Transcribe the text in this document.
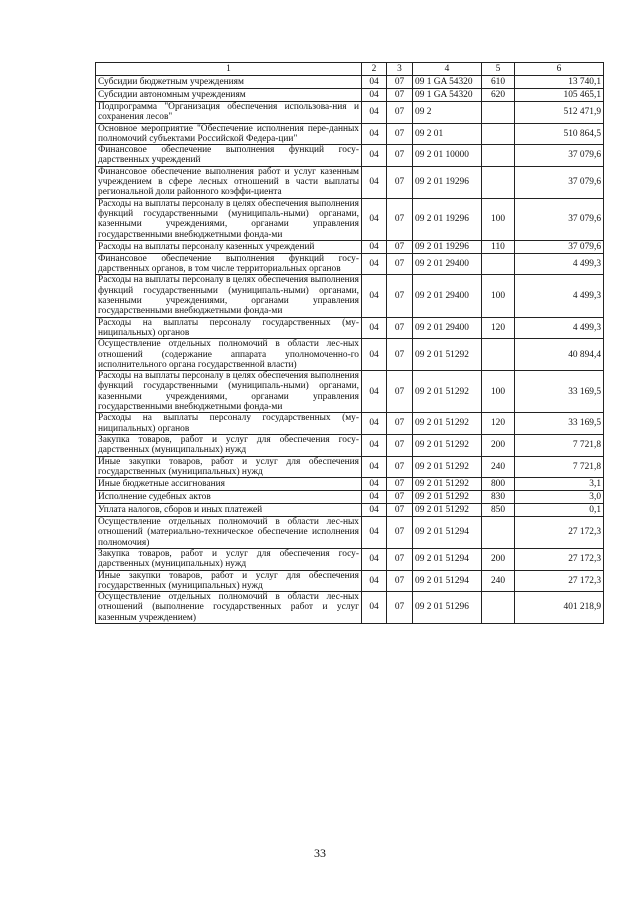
1	2	3	4	5	6
Субсидии бюджетным учреждениям	04	07	09 1 GA 54320	610	13 740,1
Субсидии автономным учреждениям	04	07	09 1 GA 54320	620	105 465,1
Подпрограмма "Организация обеспечения использова-ния и сохранения лесов"	04	07	09 2		512 471,9
Основное мероприятие "Обеспечение исполнения пере-данных полномочий субъектами Российской Федера-ции"	04	07	09 2 01		510 864,5
Финансовое обеспечение выполнения функций госу-дарственных учреждений	04	07	09 2 01 10000		37 079,6
Финансовое обеспечение выполнения работ и услуг казенным учреждением в сфере лесных отношений в части выплаты региональной доли районного коэффи-циента	04	07	09 2 01 19296		37 079,6
Расходы на выплаты персоналу в целях обеспечения выполнения функций государственными (муниципаль-ными) органами, казенными учреждениями, органами управления государственными внебюджетными фонда-ми	04	07	09 2 01 19296	100	37 079,6
Расходы на выплаты персоналу казенных учреждений	04	07	09 2 01 19296	110	37 079,6
Финансовое обеспечение выполнения функций госу-дарственных органов, в том числе территориальных органов	04	07	09 2 01 29400		4 499,3
Расходы на выплаты персоналу в целях обеспечения выполнения функций государственными (муниципаль-ными) органами, казенными учреждениями, органами управления государственными внебюджетными фонда-ми	04	07	09 2 01 29400	100	4 499,3
Расходы на выплаты персоналу государственных (му-ниципальных) органов	04	07	09 2 01 29400	120	4 499,3
Осуществление отдельных полномочий в области лес-ных отношений (содержание аппарата уполномоченно-го исполнительного органа государственной власти)	04	07	09 2 01 51292		40 894,4
Расходы на выплаты персоналу в целях обеспечения выполнения функций государственными (муниципаль-ными) органами, казенными учреждениями, органами управления государственными внебюджетными фонда-ми	04	07	09 2 01 51292	100	33 169,5
Расходы на выплаты персоналу государственных (му-ниципальных) органов	04	07	09 2 01 51292	120	33 169,5
Закупка товаров, работ и услуг для обеспечения госу-дарственных (муниципальных) нужд	04	07	09 2 01 51292	200	7 721,8
Иные закупки товаров, работ и услуг для обеспечения государственных (муниципальных) нужд	04	07	09 2 01 51292	240	7 721,8
Иные бюджетные ассигнования	04	07	09 2 01 51292	800	3,1
Исполнение судебных актов	04	07	09 2 01 51292	830	3,0
Уплата налогов, сборов и иных платежей	04	07	09 2 01 51292	850	0,1
Осуществление отдельных полномочий в области лес-ных отношений (материально-техническое обеспечение исполнения полномочия)	04	07	09 2 01 51294		27 172,3
Закупка товаров, работ и услуг для обеспечения госу-дарственных (муниципальных) нужд	04	07	09 2 01 51294	200	27 172,3
Иные закупки товаров, работ и услуг для обеспечения государственных (муниципальных) нужд	04	07	09 2 01 51294	240	27 172,3
Осуществление отдельных полномочий в области лес-ных отношений (выполнение государственных работ и услуг казенным учреждением)	04	07	09 2 01 51296		401 218,9
33
